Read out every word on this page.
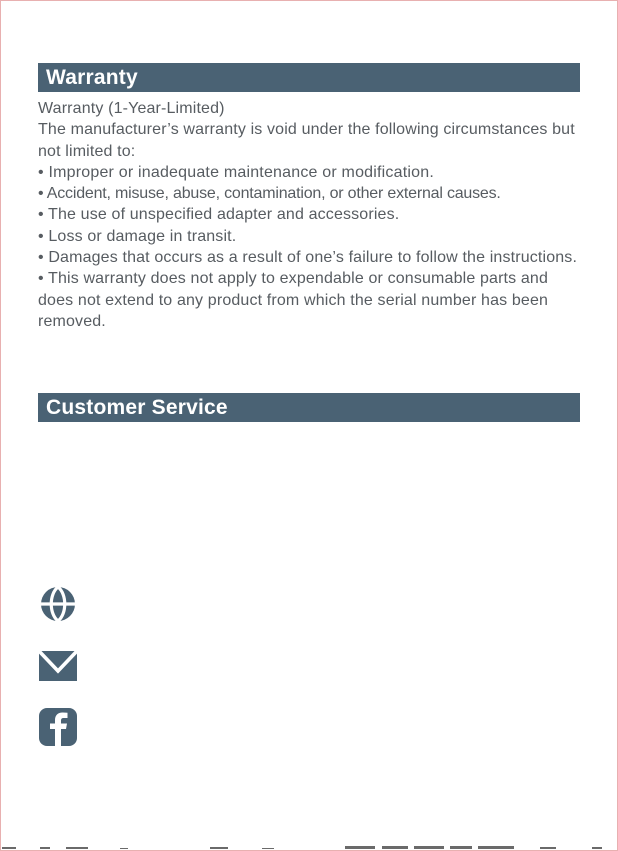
Warranty

Warranty (1-Year-Limited)

The manufacturer’s warranty is void under the following circumstances but not limited to:

• Improper or inadequate maintenance or modification.

• Accident, misuse, abuse, contamination, or other external causes.

• The use of unspecified adapter and accessories.

• Loss or damage in transit.

• Damages that occurs as a result of one’s failure to follow the instructions.

• This warranty does not apply to expendable or consumable parts and does not extend to any product from which the serial number has been removed.

Customer Service
